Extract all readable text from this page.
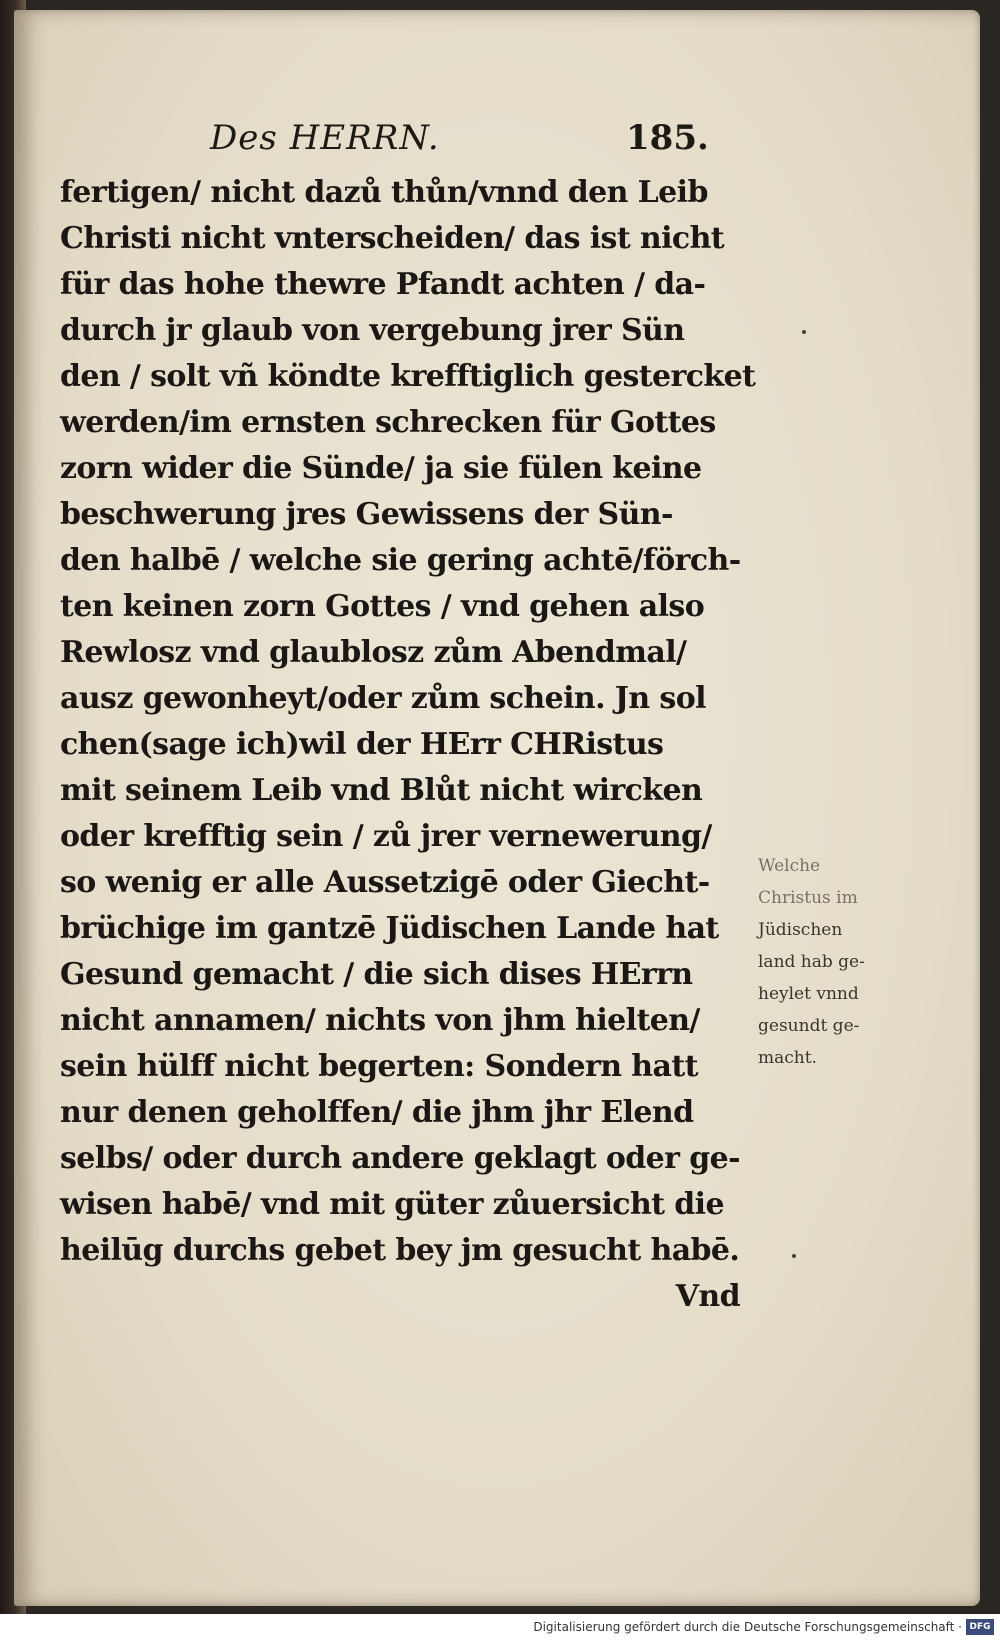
Des HERRN.	185.
fertigen/ nicht dazů thůn/vnnd den Leib
Christi nicht vnterscheiden/ das ist nicht
für das hohe thewre Pfandt achten / da-
durch jr glaub von vergebung jrer Sün
den / solt vñ köndte krefftiglich gestercket
werden/im ernsten schrecken für Gottes
zorn wider die Sünde/ ja sie fülen keine
beschwerung jres Gewissens der Sün-
den halbē / welche sie gering achtē/förch-
ten keinen zorn Gottes / vnd gehen also
Rewlosz vnd glaublosz zům Abendmal/
ausz gewonheyt/oder zům schein. Jn sol
chen(sage ich)wil der HErr CHRistus
mit seinem Leib vnd Blůt nicht wircken
oder krefftig sein / zů jrer vernewerung/
so wenig er alle Aussetzigē oder Giecht-
brüchige im gantzē Jüdischen Lande hat
Gesund gemacht / die sich dises HErrn
nicht annamen/ nichts von jhm hielten/
sein hülff nicht begerten: Sondern hatt
nur denen geholffen/ die jhm jhr Elend
selbs/ oder durch andere geklagt oder ge-
wisen habē/ vnd mit güter zůuersicht die
heilūg durchs gebet bey jm gesucht habē.
Vnd
Welche
Christus im
Jüdischen
land hab ge-
heylet vnnd
gesundt ge-
macht.
Digitalisierung gefördert durch die Deutsche Forschungsgemeinschaft · DFG
